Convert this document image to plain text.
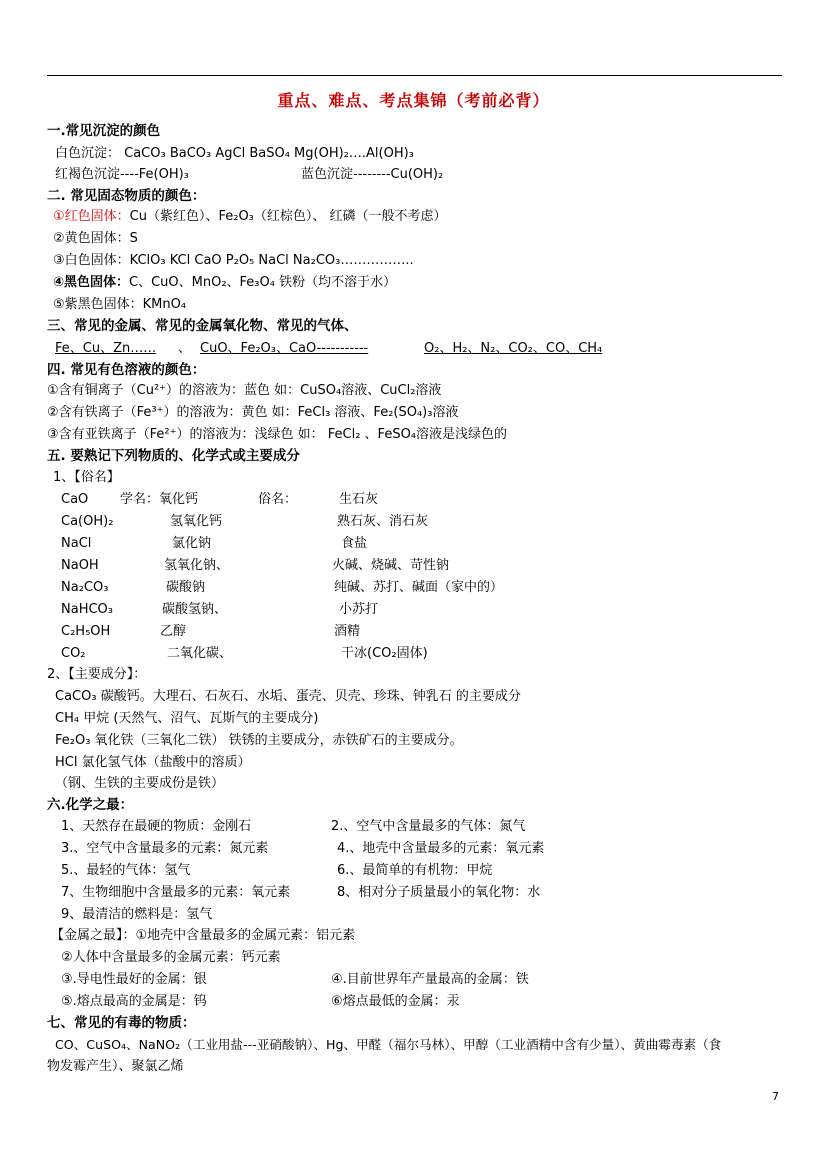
重点、难点、考点集锦（考前必背）
一.常见沉淀的颜色
白色沉淀： CaCO₃ BaCO₃ AgCl BaSO₄ Mg(OH)₂….Al(OH)₃
红褐色沉淀----Fe(OH)₃	蓝色沉淀--------Cu(OH)₂
二. 常见固态物质的颜色：
①红色固体：Cu（紫红色）、Fe₂O₃（红棕色）、 红磷（一般不考虑）
②黄色固体：S
③白色固体：KClO₃ KCl CaO P₂O₅ NaCl Na₂CO₃……………..
④黑色固体：C、CuO、MnO₂、Fe₃O₄ 铁粉（均不溶于水）
⑤紫黑色固体：KMnO₄
三、常见的金属、常见的金属氧化物、常见的气体、
Fe、Cu、Zn…… 、 CuO、Fe₂O₃、CaO-----------	O₂、H₂、N₂、CO₂、CO、CH₄
四. 常见有色溶液的颜色：
①含有铜离子（Cu²⁺）的溶液为：蓝色 如：CuSO₄溶液、CuCl₂溶液
②含有铁离子（Fe³⁺）的溶液为：黄色 如：FeCl₃ 溶液、Fe₂(SO₄)₃溶液
③含有亚铁离子（Fe²⁺）的溶液为：浅绿色 如： FeCl₂ 、FeSO₄溶液是浅绿色的
五. 要熟记下列物质的、化学式或主要成分
1、【俗名】
CaO 学名：氧化钙	俗名：	生石灰
Ca(OH)₂	氢氧化钙	熟石灰、消石灰
NaCl	氯化钠	食盐
NaOH	氢氧化钠、	火碱、烧碱、苛性钠
Na₂CO₃	碳酸钠	纯碱、苏打、碱面（家中的）
NaHCO₃	碳酸氢钠、	小苏打
C₂H₅OH	乙醇	酒精
CO₂	二氧化碳、	干冰(CO₂固体)
2、【主要成分】：
CaCO₃ 碳酸钙。大理石、石灰石、水垢、蛋壳、贝壳、珍珠、钟乳石 的主要成分
CH₄ 甲烷 (天然气、沼气、瓦斯气的主要成分)
Fe₂O₃ 氧化铁（三氧化二铁） 铁锈的主要成分，赤铁矿石的主要成分。
HCl 氯化氢气体（盐酸中的溶质）
（钢、生铁的主要成份是铁）
六.化学之最：
1、天然存在最硬的物质：金刚石	2.、空气中含量最多的气体：氮气
3.、空气中含量最多的元素：氮元素	4.、地壳中含量最多的元素：氧元素
5.、最轻的气体：氢气	6.、最简单的有机物：甲烷
7、生物细胞中含量最多的元素：氧元素	8、相对分子质量最小的氧化物：水
9、最清洁的燃料是：氢气
【金属之最】：①地壳中含量最多的金属元素：铝元素
②人体中含量最多的金属元素：钙元素
③.导电性最好的金属：银	④.目前世界年产量最高的金属：铁
⑤.熔点最高的金属是：钨	⑥熔点最低的金属：汞
七、常见的有毒的物质：
CO、CuSO₄、NaNO₂（工业用盐---亚硝酸钠）、Hg、甲醛（福尔马林）、甲醇（工业酒精中含有少量）、黄曲霉毒素（食
物发霉产生）、聚氯乙烯
7
